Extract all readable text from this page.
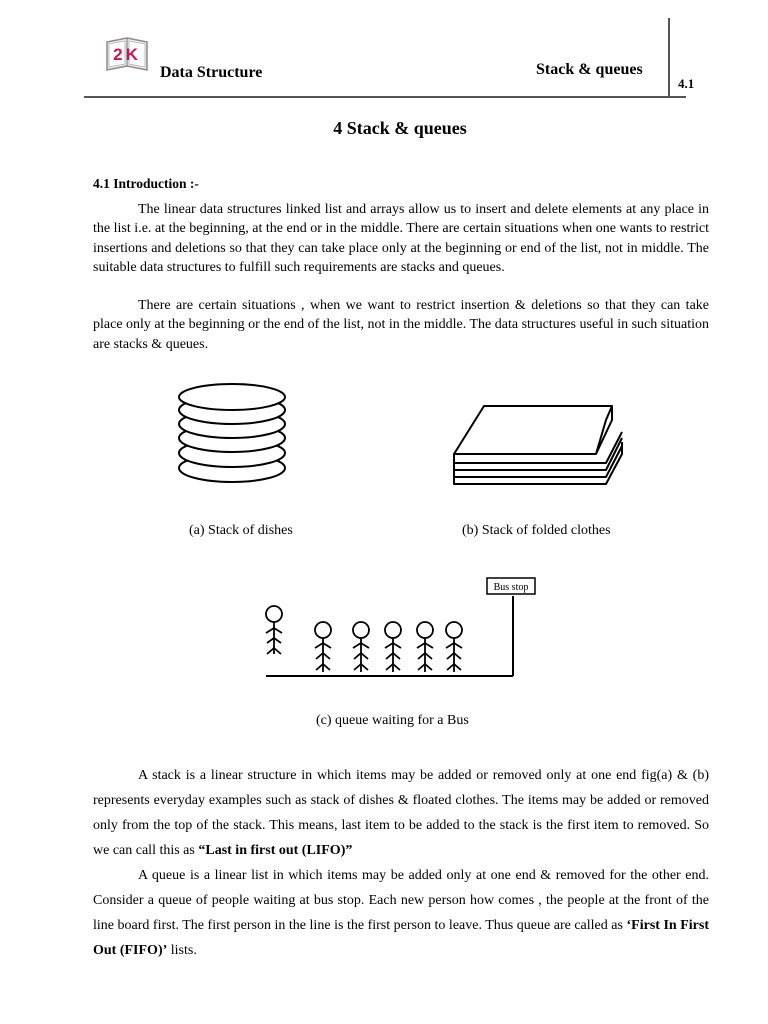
2K
Data Structure	Stack & queues
4.1
4 Stack & queues
4.1 Introduction :-

The linear data structures linked list and arrays allow us to insert and delete elements at any place in the list i.e. at the beginning, at the end or in the middle. There are certain situations when one wants to restrict insertions and deletions so that they can take place only at the beginning or end of the list, not in middle. The suitable data structures to fulfill such requirements are stacks and queues.

There are certain situations , when we want to restrict insertion & deletions so that they can take place only at the beginning or the end of the list, not in the middle. The data structures useful in such situation are stacks & queues.

(a) Stack of dishes	(b) Stack of folded clothes
Bus stop
(c) queue waiting for a Bus

A stack is a linear structure in which items may be added or removed only at one end fig(a) & (b) represents everyday examples such as stack of dishes & floated clothes. The items may be added or removed only from the top of the stack. This means, last item to be added to the stack is the first item to removed. So we can call this as “Last in first out (LIFO)”

A queue is a linear list in which items may be added only at one end & removed for the other end. Consider a queue of people waiting at bus stop. Each new person how comes , the people at the front of the line board first. The first person in the line is the first person to leave. Thus queue are called as ‘First In First Out (FIFO)’ lists.
